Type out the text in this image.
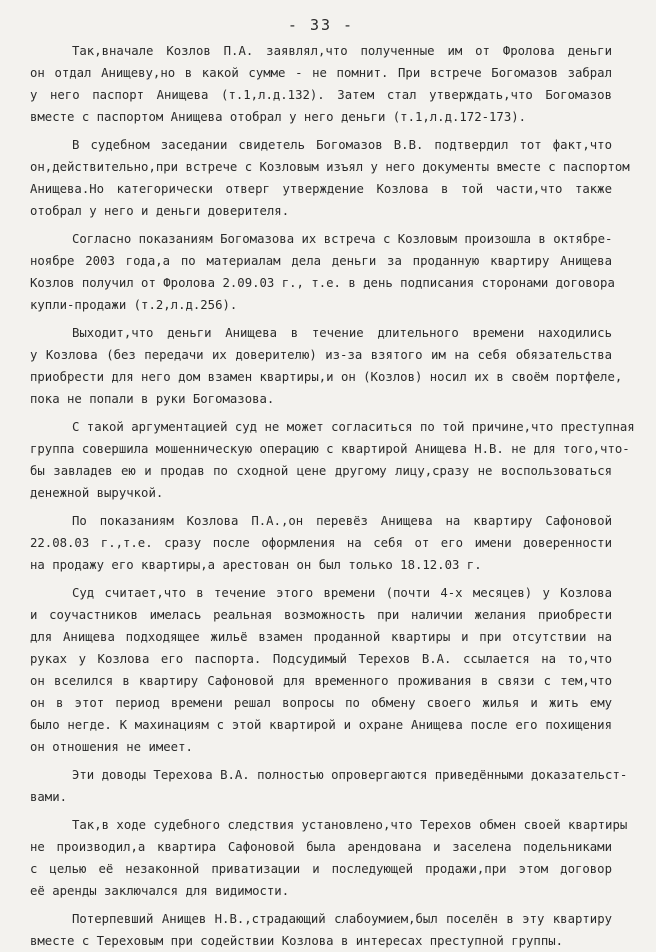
- 33 -
Так,вначале Козлов П.А. заявлял,что полученные им от Фролова деньги
он отдал Анищеву,но в какой сумме - не помнит. При встрече Богомазов забрал
у него паспорт Анищева (т.1,л.д.132). Затем стал утверждать,что Богомазов
вместе с паспортом Анищева отобрал у него деньги (т.1,л.д.172-173).
В судебном заседании свидетель Богомазов В.В. подтвердил тот факт,что
он,действительно,при встрече с Козловым изъял у него документы вместе с паспортом
Анищева.Но категорически отверг утверждение Козлова в той части,что также
отобрал у него и деньги доверителя.
Согласно показаниям Богомазова их встреча с Козловым произошла в октябре-
ноябре 2003 года,а по материалам дела деньги за проданную квартиру Анищева
Козлов получил от Фролова 2.09.03 г., т.е. в день подписания сторонами договора
купли-продажи (т.2,л.д.256).
Выходит,что деньги Анищева в течение длительного времени находились
у Козлова (без передачи их доверителю) из-за взятого им на себя обязательства
приобрести для него дом взамен квартиры,и он (Козлов) носил их в своём портфеле,
пока не попали в руки Богомазова.
С такой аргументацией суд не может согласиться по той причине,что преступная
группа совершила мошенническую операцию с квартирой Анищева Н.В. не для того,что-
бы завладев ею и продав по сходной цене другому лицу,сразу не воспользоваться
денежной выручкой.
По показаниям Козлова П.А.,он перевёз Анищева на квартиру Сафоновой
22.08.03 г.,т.е. сразу после оформления на себя от его имени доверенности
на продажу его квартиры,а арестован он был только 18.12.03 г.
Суд считает,что в течение этого времени (почти 4-х месяцев) у Козлова
и соучастников имелась реальная возможность при наличии желания приобрести
для Анищева подходящее жильё взамен проданной квартиры и при отсутствии на
руках у Козлова его паспорта. Подсудимый Терехов В.А. ссылается на то,что
он вселился в квартиру Сафоновой для временного проживания в связи с тем,что
он в этот период времени решал вопросы по обмену своего жилья и жить ему
было негде. К махинациям с этой квартирой и охране Анищева после его похищения
он отношения не имеет.
Эти доводы Терехова В.А. полностью опровергаются приведёнными доказательст-
вами.
Так,в ходе судебного следствия установлено,что Терехов обмен своей квартиры
не производил,а квартира Сафоновой была арендована и заселена подельниками
с целью её незаконной приватизации и последующей продажи,при этом договор
её аренды заключался для видимости.
Потерпевший Анищев Н.В.,страдающий слабоумием,был поселён в эту квартиру
вместе с Тереховым при содействии Козлова в интересах преступной группы.
